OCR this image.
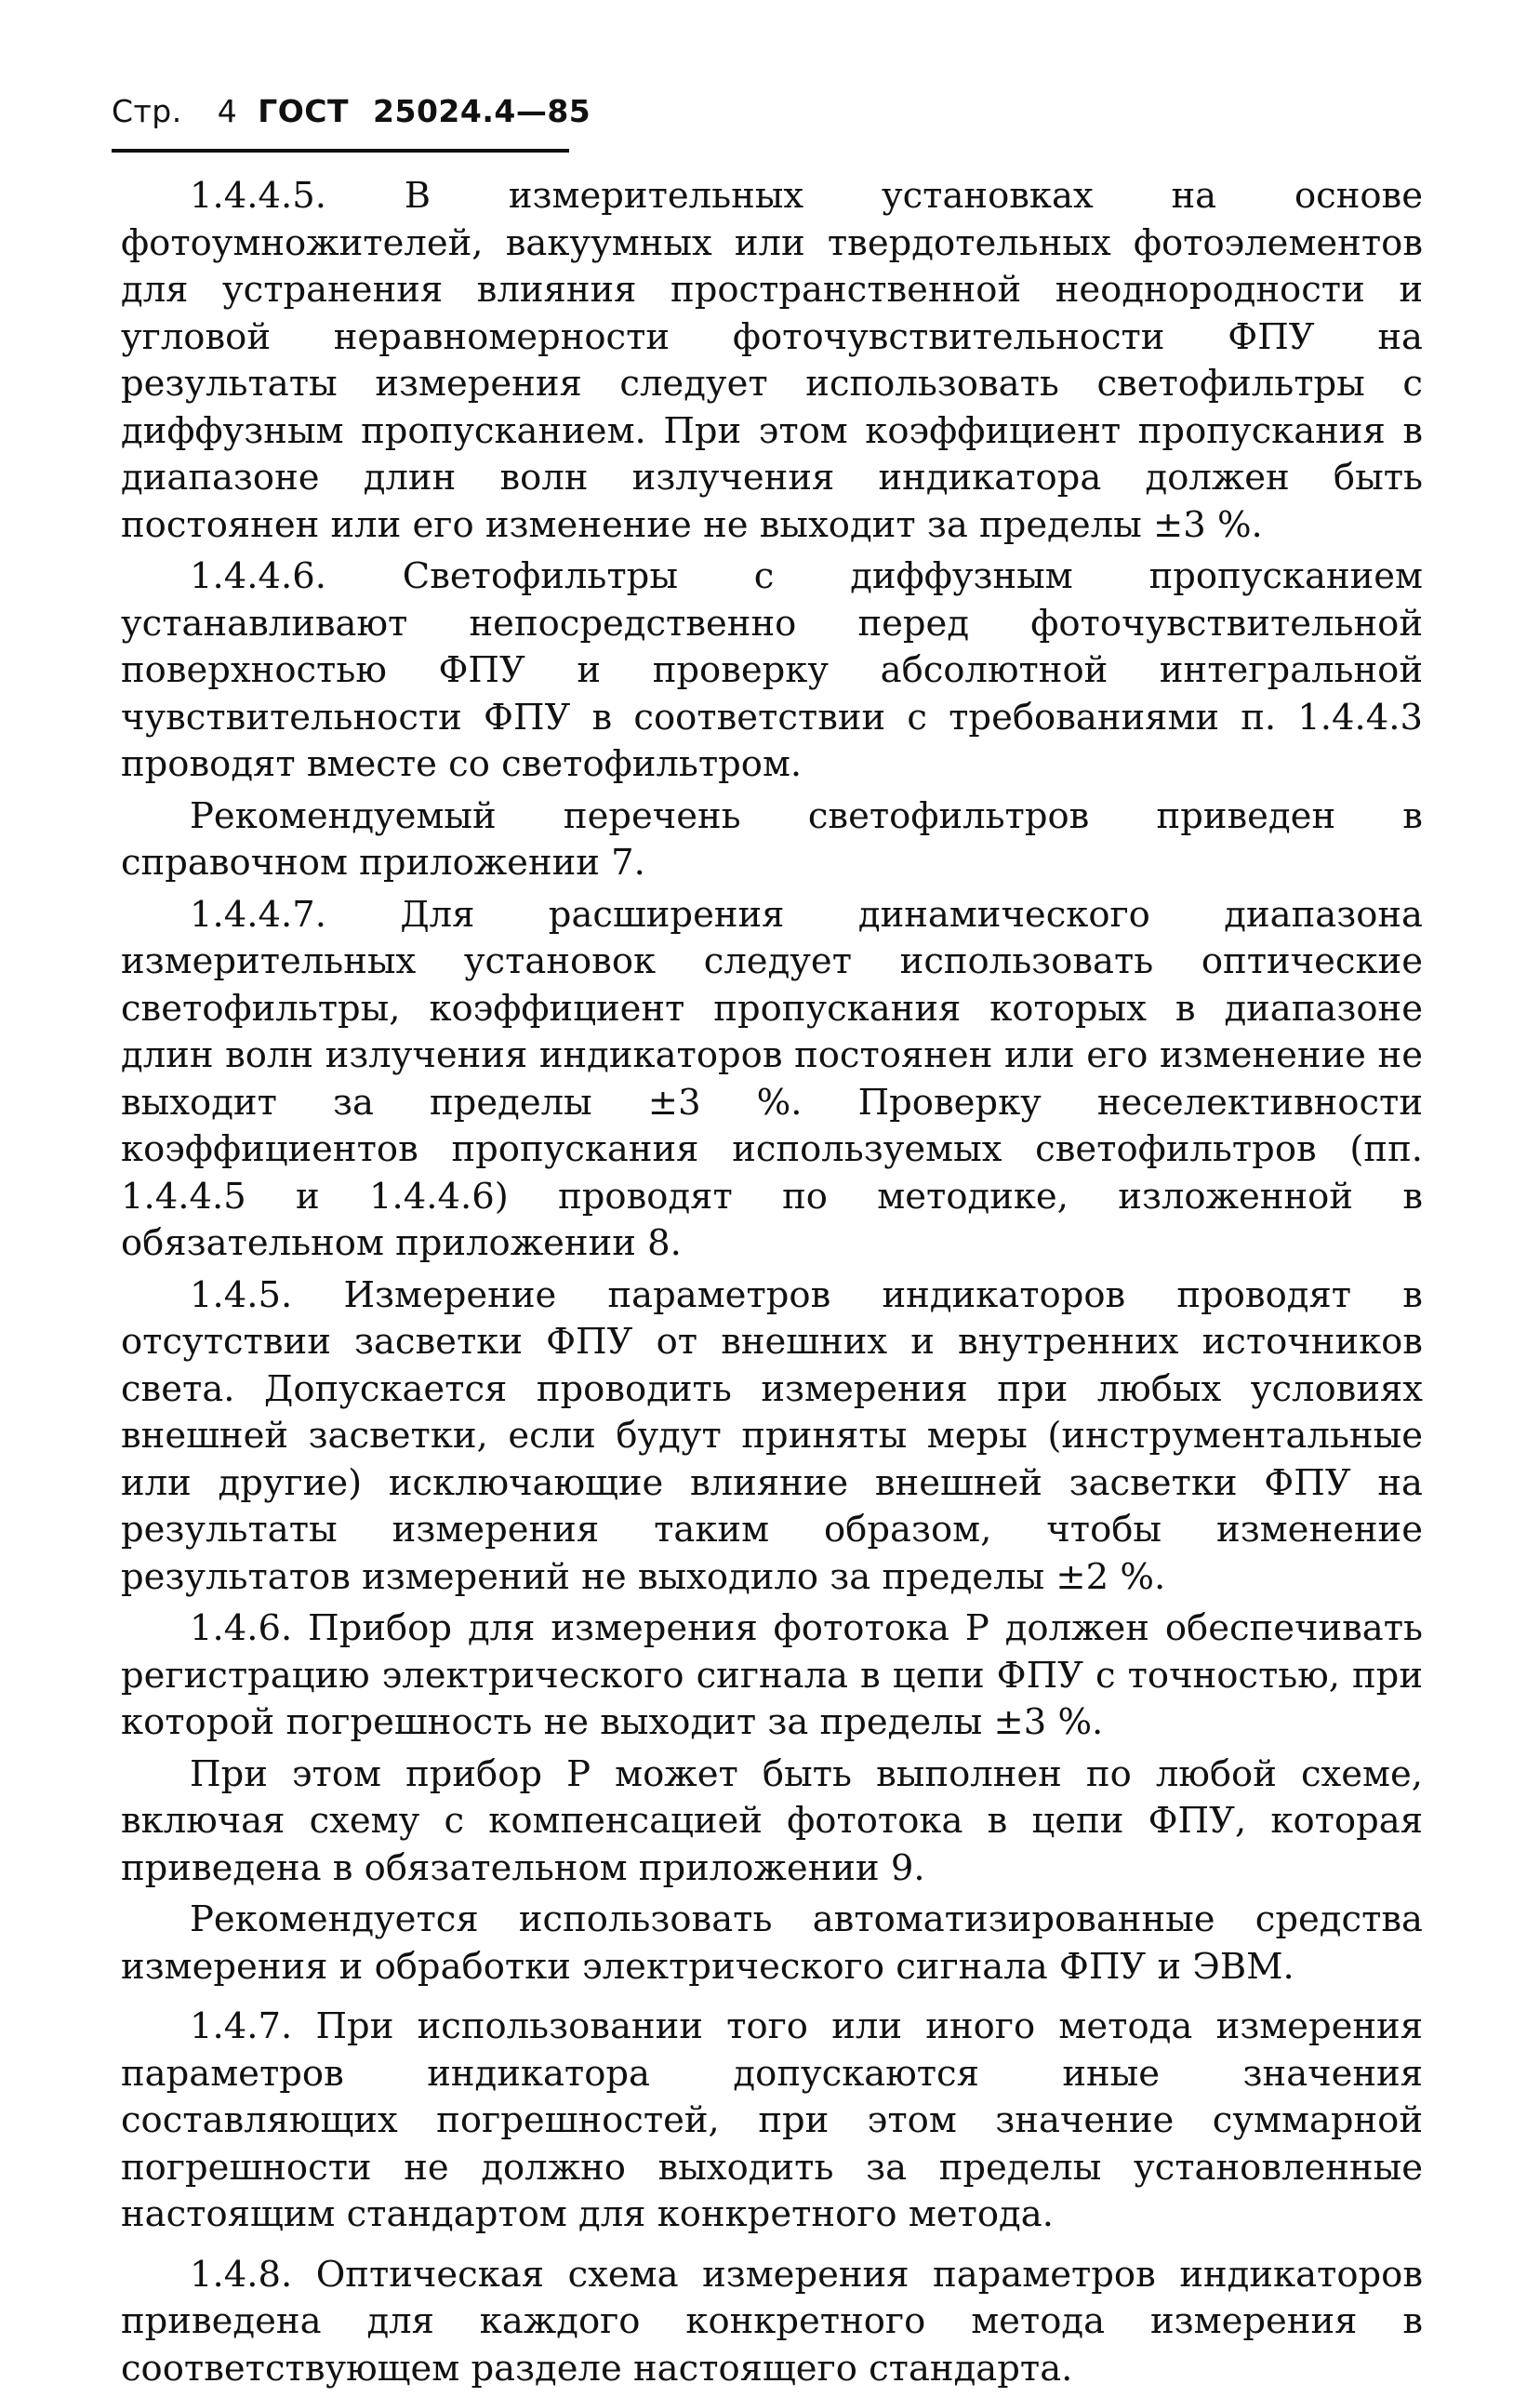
Стр. 4 ГОСТ 25024.4—85

1.4.4.5. В измерительных установках на основе фотоумножителей, вакуумных или твердотельных фотоэлементов для устранения влияния пространственной неоднородности и угловой неравномерности фоточувствительности ФПУ на результаты измерения следует использовать светофильтры с диффузным пропусканием. При этом коэффициент пропускания в диапазоне длин волн излучения индикатора должен быть постоянен или его изменение не выходит за пределы ±3 %.

1.4.4.6. Светофильтры с диффузным пропусканием устанавливают непосредственно перед фоточувствительной поверхностью ФПУ и проверку абсолютной интегральной чувствительности ФПУ в соответствии с требованиями п. 1.4.4.3 проводят вместе со светофильтром.

Рекомендуемый перечень светофильтров приведен в справочном приложении 7.

1.4.4.7. Для расширения динамического диапазона измерительных установок следует использовать оптические светофильтры, коэффициент пропускания которых в диапазоне длин волн излучения индикаторов постоянен или его изменение не выходит за пределы ±3 %. Проверку неселективности коэффициентов пропускания используемых светофильтров (пп. 1.4.4.5 и 1.4.4.6) проводят по методике, изложенной в обязательном приложении 8.

1.4.5. Измерение параметров индикаторов проводят в отсутствии засветки ФПУ от внешних и внутренних источников света. Допускается проводить измерения при любых условиях внешней засветки, если будут приняты меры (инструментальные или другие) исключающие влияние внешней засветки ФПУ на результаты измерения таким образом, чтобы изменение результатов измерений не выходило за пределы ±2 %.

1.4.6. Прибор для измерения фототока P должен обеспечивать регистрацию электрического сигнала в цепи ФПУ с точностью, при которой погрешность не выходит за пределы ±3 %.

При этом прибор P может быть выполнен по любой схеме, включая схему с компенсацией фототока в цепи ФПУ, которая приведена в обязательном приложении 9.

Рекомендуется использовать автоматизированные средства измерения и обработки электрического сигнала ФПУ и ЭВМ.

1.4.7. При использовании того или иного метода измерения параметров индикатора допускаются иные значения составляющих погрешностей, при этом значение суммарной погрешности не должно выходить за пределы установленные настоящим стандартом для конкретного метода.

1.4.8. Оптическая схема измерения параметров индикаторов приведена для каждого конкретного метода измерения в соответствующем разделе настоящего стандарта.
